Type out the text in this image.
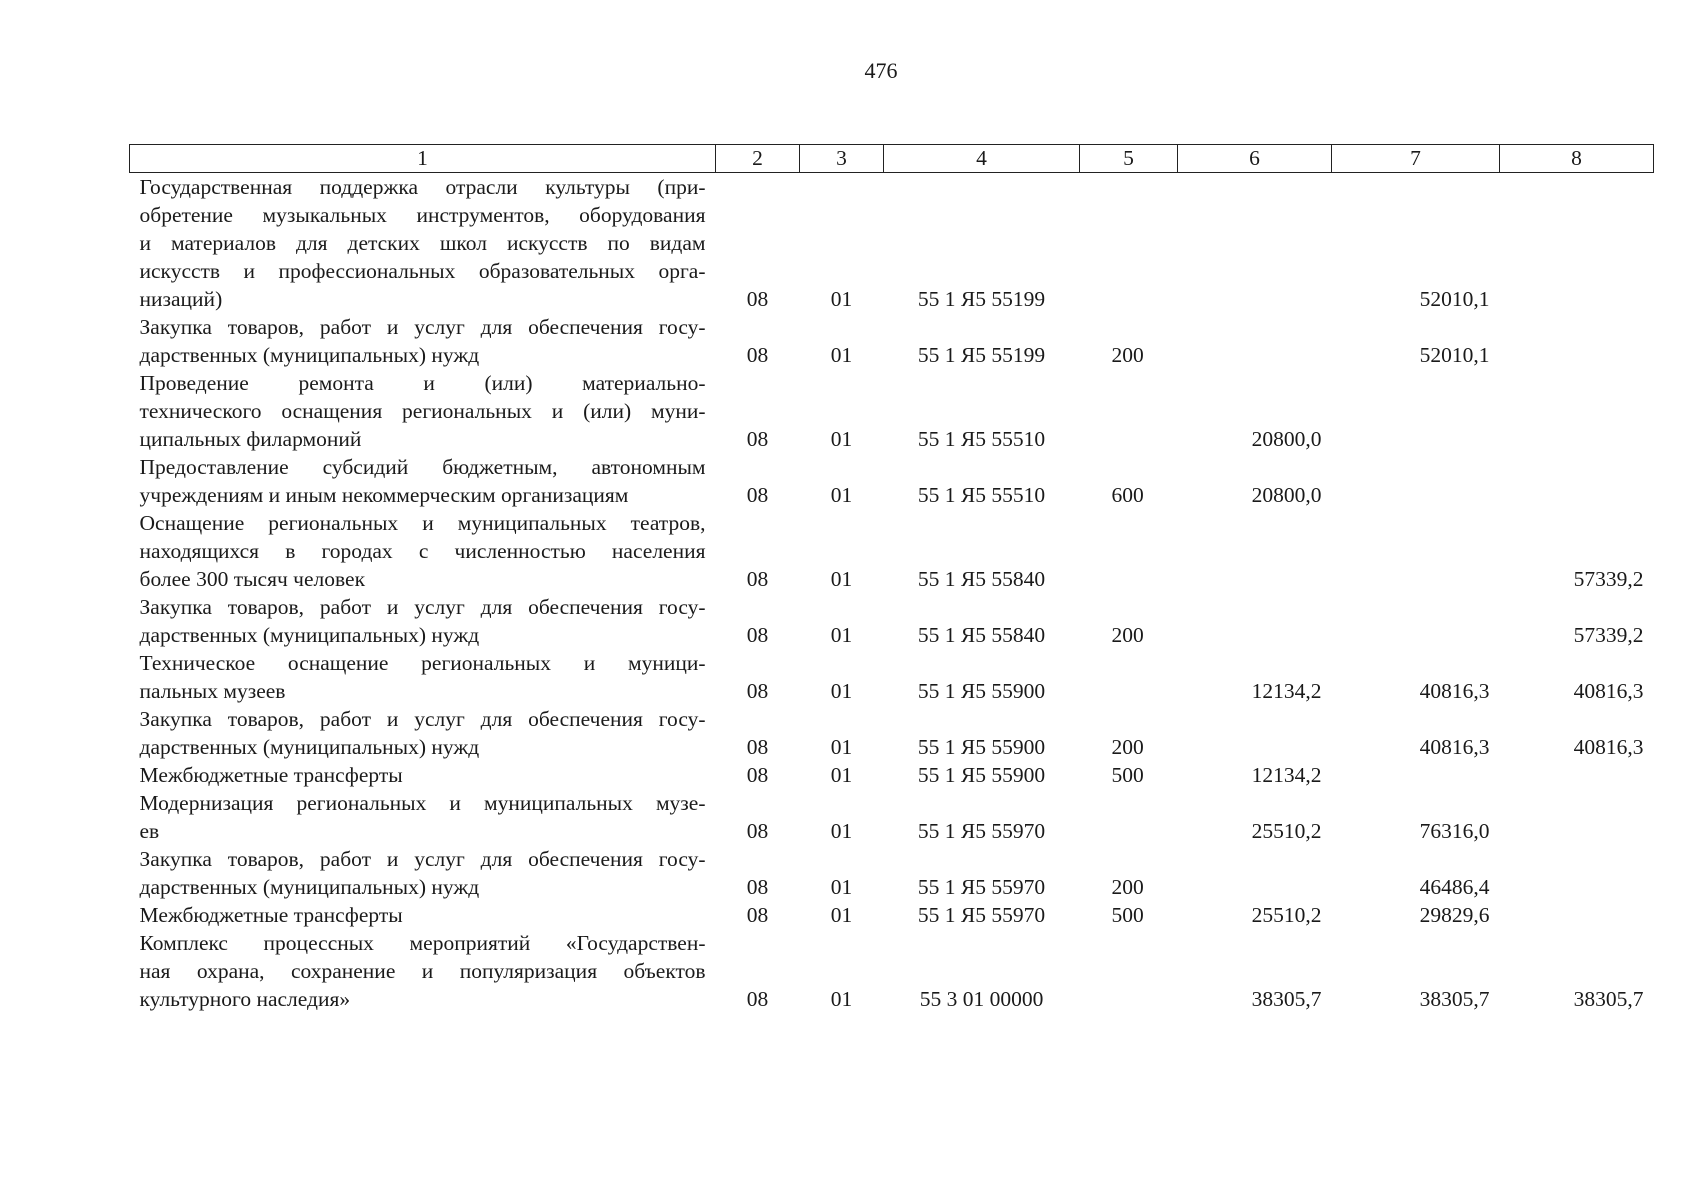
476
1	2	3	4	5	6	7	8

Государственная поддержка отрасли культуры (при-
обретение музыкальных инструментов, оборудования
и материалов для детских школ искусств по видам
искусств и профессиональных образовательных орга-
низаций)	08	01	55 1 Я5 55199			52010,1	

Закупка товаров, работ и услуг для обеспечения госу-
дарственных (муниципальных) нужд	08	01	55 1 Я5 55199	200		52010,1	

Проведение ремонта и (или) материально-
технического оснащения региональных и (или) муни-
ципальных филармоний	08	01	55 1 Я5 55510		20800,0		

Предоставление субсидий бюджетным, автономным
учреждениям и иным некоммерческим организациям	08	01	55 1 Я5 55510	600	20800,0		

Оснащение региональных и муниципальных театров,
находящихся в городах с численностью населения
более 300 тысяч человек	08	01	55 1 Я5 55840				57339,2

Закупка товаров, работ и услуг для обеспечения госу-
дарственных (муниципальных) нужд	08	01	55 1 Я5 55840	200			57339,2

Техническое оснащение региональных и муници-
пальных музеев	08	01	55 1 Я5 55900		12134,2	40816,3	40816,3

Закупка товаров, работ и услуг для обеспечения госу-
дарственных (муниципальных) нужд	08	01	55 1 Я5 55900	200		40816,3	40816,3

Межбюджетные трансферты	08	01	55 1 Я5 55900	500	12134,2		

Модернизация региональных и муниципальных музе-
ев	08	01	55 1 Я5 55970		25510,2	76316,0	

Закупка товаров, работ и услуг для обеспечения госу-
дарственных (муниципальных) нужд	08	01	55 1 Я5 55970	200		46486,4	

Межбюджетные трансферты	08	01	55 1 Я5 55970	500	25510,2	29829,6	

Комплекс процессных мероприятий «Государствен-
ная охрана, сохранение и популяризация объектов
культурного наследия»	08	01	55 3 01 00000		38305,7	38305,7	38305,7
